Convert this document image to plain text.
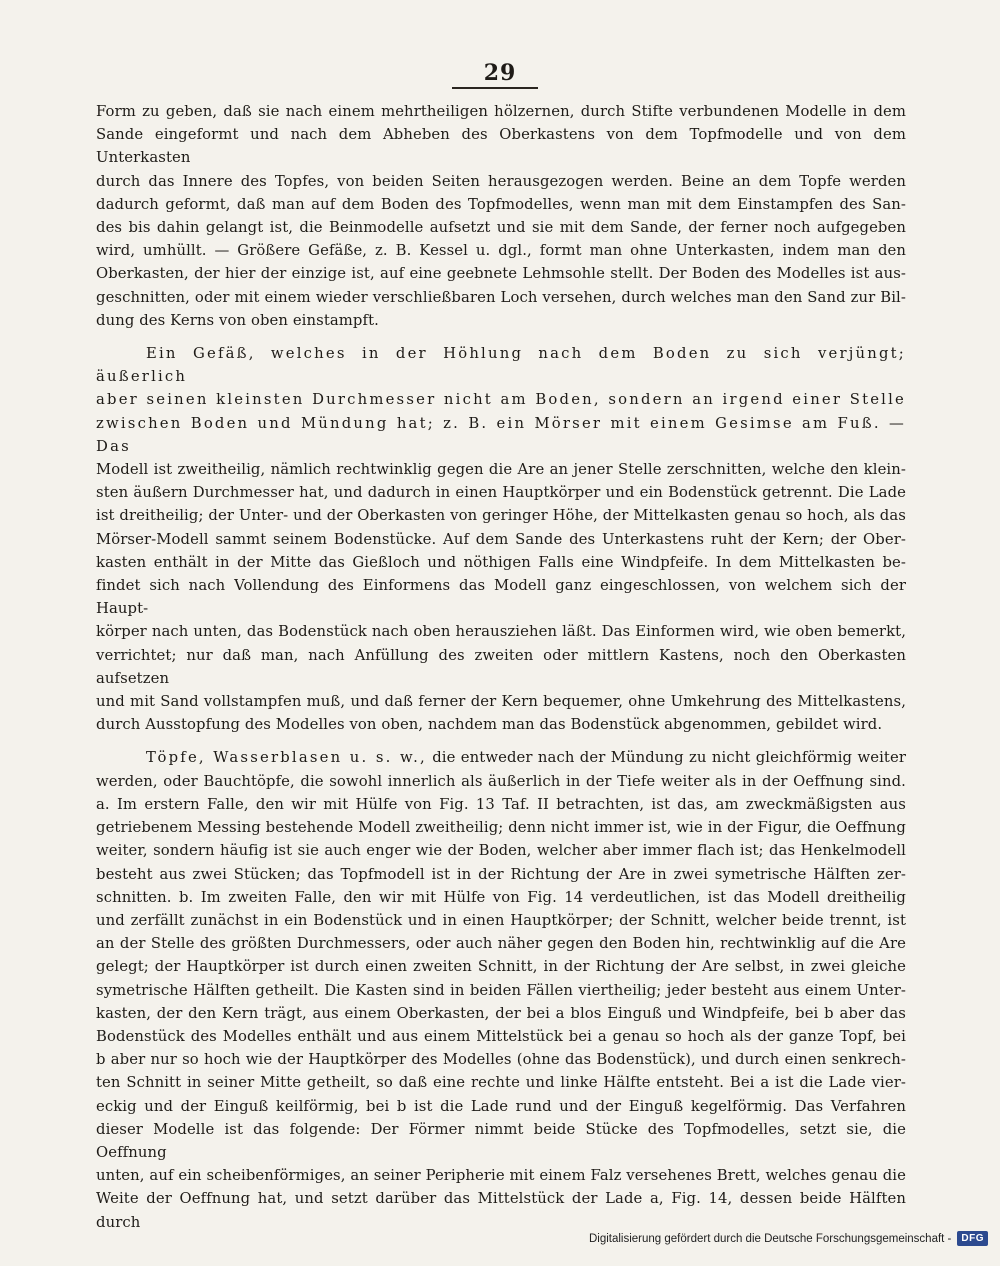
29
Form zu geben, daß sie nach einem mehrtheiligen hölzernen, durch Stifte verbundenen Modelle in dem
Sande eingeformt und nach dem Abheben des Oberkastens von dem Topfmodelle und von dem Unterkasten
durch das Innere des Topfes, von beiden Seiten herausgezogen werden. Beine an dem Topfe werden
dadurch geformt, daß man auf dem Boden des Topfmodelles, wenn man mit dem Einstampfen des San-
des bis dahin gelangt ist, die Beinmodelle aufsetzt und sie mit dem Sande, der ferner noch aufgegeben
wird, umhüllt. — Größere Gefäße, z. B. Kessel u. dgl., formt man ohne Unterkasten, indem man den
Oberkasten, der hier der einzige ist, auf eine geebnete Lehmsohle stellt. Der Boden des Modelles ist aus-
geschnitten, oder mit einem wieder verschließbaren Loch versehen, durch welches man den Sand zur Bil-
dung des Kerns von oben einstampft.
Ein Gefäß, welches in der Höhlung nach dem Boden zu sich verjüngt; äußerlich
aber seinen kleinsten Durchmesser nicht am Boden, sondern an irgend einer Stelle
zwischen Boden und Mündung hat; z. B. ein Mörser mit einem Gesimse am Fuß. — Das
Modell ist zweitheilig, nämlich rechtwinklig gegen die Are an jener Stelle zerschnitten, welche den klein-
sten äußern Durchmesser hat, und dadurch in einen Hauptkörper und ein Bodenstück getrennt. Die Lade
ist dreitheilig; der Unter- und der Oberkasten von geringer Höhe, der Mittelkasten genau so hoch, als das
Mörser-Modell sammt seinem Bodenstücke. Auf dem Sande des Unterkastens ruht der Kern; der Ober-
kasten enthält in der Mitte das Gießloch und nöthigen Falls eine Windpfeife. In dem Mittelkasten be-
findet sich nach Vollendung des Einformens das Modell ganz eingeschlossen, von welchem sich der Haupt-
körper nach unten, das Bodenstück nach oben herausziehen läßt. Das Einformen wird, wie oben bemerkt,
verrichtet; nur daß man, nach Anfüllung des zweiten oder mittlern Kastens, noch den Oberkasten aufsetzen
und mit Sand vollstampfen muß, und daß ferner der Kern bequemer, ohne Umkehrung des Mittelkastens,
durch Ausstopfung des Modelles von oben, nachdem man das Bodenstück abgenommen, gebildet wird.
Töpfe, Wasserblasen u. s. w., die entweder nach der Mündung zu nicht gleichförmig weiter
werden, oder Bauchtöpfe, die sowohl innerlich als äußerlich in der Tiefe weiter als in der Oeffnung sind.
a. Im erstern Falle, den wir mit Hülfe von Fig. 13 Taf. II betrachten, ist das, am zweckmäßigsten aus
getriebenem Messing bestehende Modell zweitheilig; denn nicht immer ist, wie in der Figur, die Oeffnung
weiter, sondern häufig ist sie auch enger wie der Boden, welcher aber immer flach ist; das Henkelmodell
besteht aus zwei Stücken; das Topfmodell ist in der Richtung der Are in zwei symetrische Hälften zer-
schnitten. b. Im zweiten Falle, den wir mit Hülfe von Fig. 14 verdeutlichen, ist das Modell dreitheilig
und zerfällt zunächst in ein Bodenstück und in einen Hauptkörper; der Schnitt, welcher beide trennt, ist
an der Stelle des größten Durchmessers, oder auch näher gegen den Boden hin, rechtwinklig auf die Are
gelegt; der Hauptkörper ist durch einen zweiten Schnitt, in der Richtung der Are selbst, in zwei gleiche
symetrische Hälften getheilt. Die Kasten sind in beiden Fällen viertheilig; jeder besteht aus einem Unter-
kasten, der den Kern trägt, aus einem Oberkasten, der bei a blos Einguß und Windpfeife, bei b aber das
Bodenstück des Modelles enthält und aus einem Mittelstück bei a genau so hoch als der ganze Topf, bei
b aber nur so hoch wie der Hauptkörper des Modelles (ohne das Bodenstück), und durch einen senkrech-
ten Schnitt in seiner Mitte getheilt, so daß eine rechte und linke Hälfte entsteht. Bei a ist die Lade vier-
eckig und der Einguß keilförmig, bei b ist die Lade rund und der Einguß kegelförmig. Das Verfahren
dieser Modelle ist das folgende: Der Förmer nimmt beide Stücke des Topfmodelles, setzt sie, die Oeffnung
unten, auf ein scheibenförmiges, an seiner Peripherie mit einem Falz versehenes Brett, welches genau die
Weite der Oeffnung hat, und setzt darüber das Mittelstück der Lade a, Fig. 14, dessen beide Hälften durch
Digitalisierung gefördert durch die Deutsche Forschungsgemeinschaft -	DFG
